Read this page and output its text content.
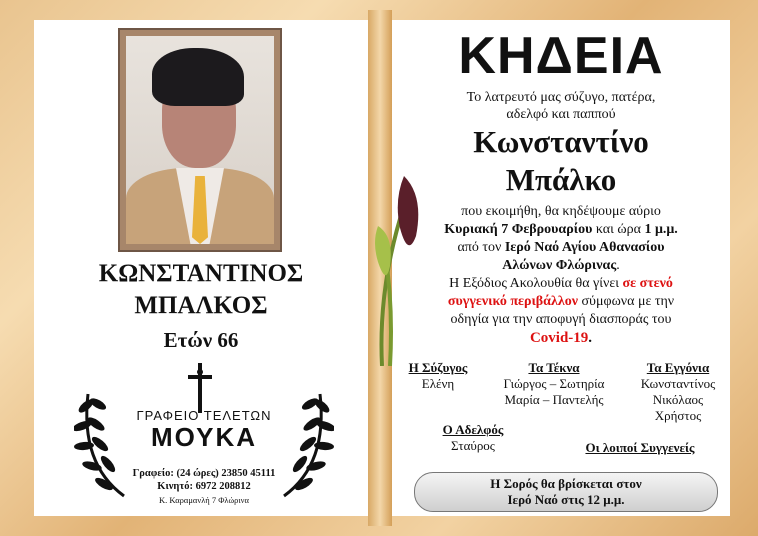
ΚΩΝΣΤΑΝΤΙΝΟΣ
ΜΠΑΛΚΟΣ
Ετών 66
ΓΡΑΦΕΙΟ ΤΕΛΕΤΩΝ
ΜΟΥΚΑ
Γραφείο: (24 ώρες) 23850 45111
Κινητό: 6972 208812
Κ. Καραμανλή 7 Φλώρινα
ΚΗΔΕΙΑ
Το λατρευτό μας σύζυγο, πατέρα,
αδελφό και παππού
Κωνσταντίνο
Μπάλκο
που εκοιμήθη, θα κηδέψουμε αύριο
Κυριακή 7 Φεβρουαρίου και ώρα 1 μ.μ.
από τον Ιερό Ναό Αγίου Αθανασίου
Αλώνων Φλώρινας.
Η Εξόδιος Ακολουθία θα γίνει σε στενό
συγγενικό περιβάλλον σύμφωνα με την
οδηγία για την αποφυγή διασποράς του
Covid-19.
Η Σύζυγος
Ελένη
Τα Τέκνα
Γιώργος – Σωτηρία
Μαρία – Παντελής
Τα Εγγόνια
Κωνσταντίνος
Νικόλαος
Χρήστος
Ο Αδελφός
Σταύρος	Οι λοιποί Συγγενείς
Η Σορός θα βρίσκεται στον
Ιερό Ναό στις 12 μ.μ.
